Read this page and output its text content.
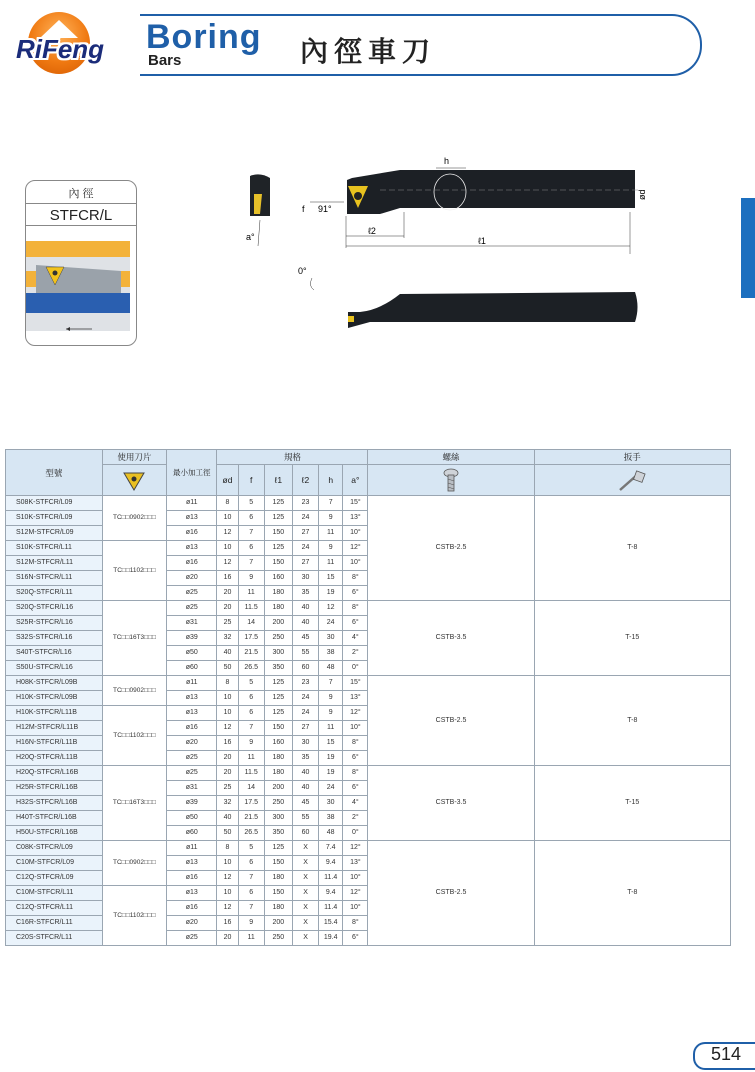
RiFeng Boring
Bars	內徑車刀
內 徑
STFCR/L
a°
h
ød
f 91°
ℓ2
ℓ1
0°
型號	使用刀片	最小加工徑	規格						螺絲	扳手
	ød	f	ℓ1	ℓ2	h	a°		
S08K-STFCR/L09	TC□□0902□□□	ø11	8	5	125	23	7	15°	CSTB-2.5	T-8
S10K-STFCR/L09		ø13	10	6	125	24	9	13°		
S12M-STFCR/L09		ø16	12	7	150	27	11	10°		
S10K-STFCR/L11	TC□□1102□□□	ø13	10	6	125	24	9	12°		
S12M-STFCR/L11		ø16	12	7	150	27	11	10°		
S16N-STFCR/L11		ø20	16	9	160	30	15	8°		
S20Q-STFCR/L11		ø25	20	11	180	35	19	6°		
S20Q-STFCR/L16	TC□□16T3□□□	ø25	20	11.5	180	40	12	8°	CSTB-3.5	T-15
S25R-STFCR/L16		ø31	25	14	200	40	24	6°		
S32S-STFCR/L16		ø39	32	17.5	250	45	30	4°		
S40T-STFCR/L16		ø50	40	21.5	300	55	38	2°		
S50U-STFCR/L16		ø60	50	26.5	350	60	48	0°		
H08K-STFCR/L09B	TC□□0902□□□	ø11	8	5	125	23	7	15°	CSTB-2.5	T-8
H10K-STFCR/L09B		ø13	10	6	125	24	9	13°		
H10K-STFCR/L11B	TC□□1102□□□	ø13	10	6	125	24	9	12°		
H12M-STFCR/L11B		ø16	12	7	150	27	11	10°		
H16N-STFCR/L11B		ø20	16	9	160	30	15	8°		
H20Q-STFCR/L11B		ø25	20	11	180	35	19	6°		
H20Q-STFCR/L16B	TC□□16T3□□□	ø25	20	11.5	180	40	19	8°	CSTB-3.5	T-15
H25R-STFCR/L16B		ø31	25	14	200	40	24	6°		
H32S-STFCR/L16B		ø39	32	17.5	250	45	30	4°		
H40T-STFCR/L16B		ø50	40	21.5	300	55	38	2°		
H50U-STFCR/L16B		ø60	50	26.5	350	60	48	0°		
C08K-STFCR/L09	TC□□0902□□□	ø11	8	5	125	X	7.4	12°	CSTB-2.5	T-8
C10M-STFCR/L09		ø13	10	6	150	X	9.4	13°		
C12Q-STFCR/L09		ø16	12	7	180	X	11.4	10°		
C10M-STFCR/L11	TC□□1102□□□	ø13	10	6	150	X	9.4	12°		
C12Q-STFCR/L11		ø16	12	7	180	X	11.4	10°		
C16R-STFCR/L11		ø20	16	9	200	X	15.4	8°		
C20S-STFCR/L11		ø25	20	11	250	X	19.4	6°		
514
